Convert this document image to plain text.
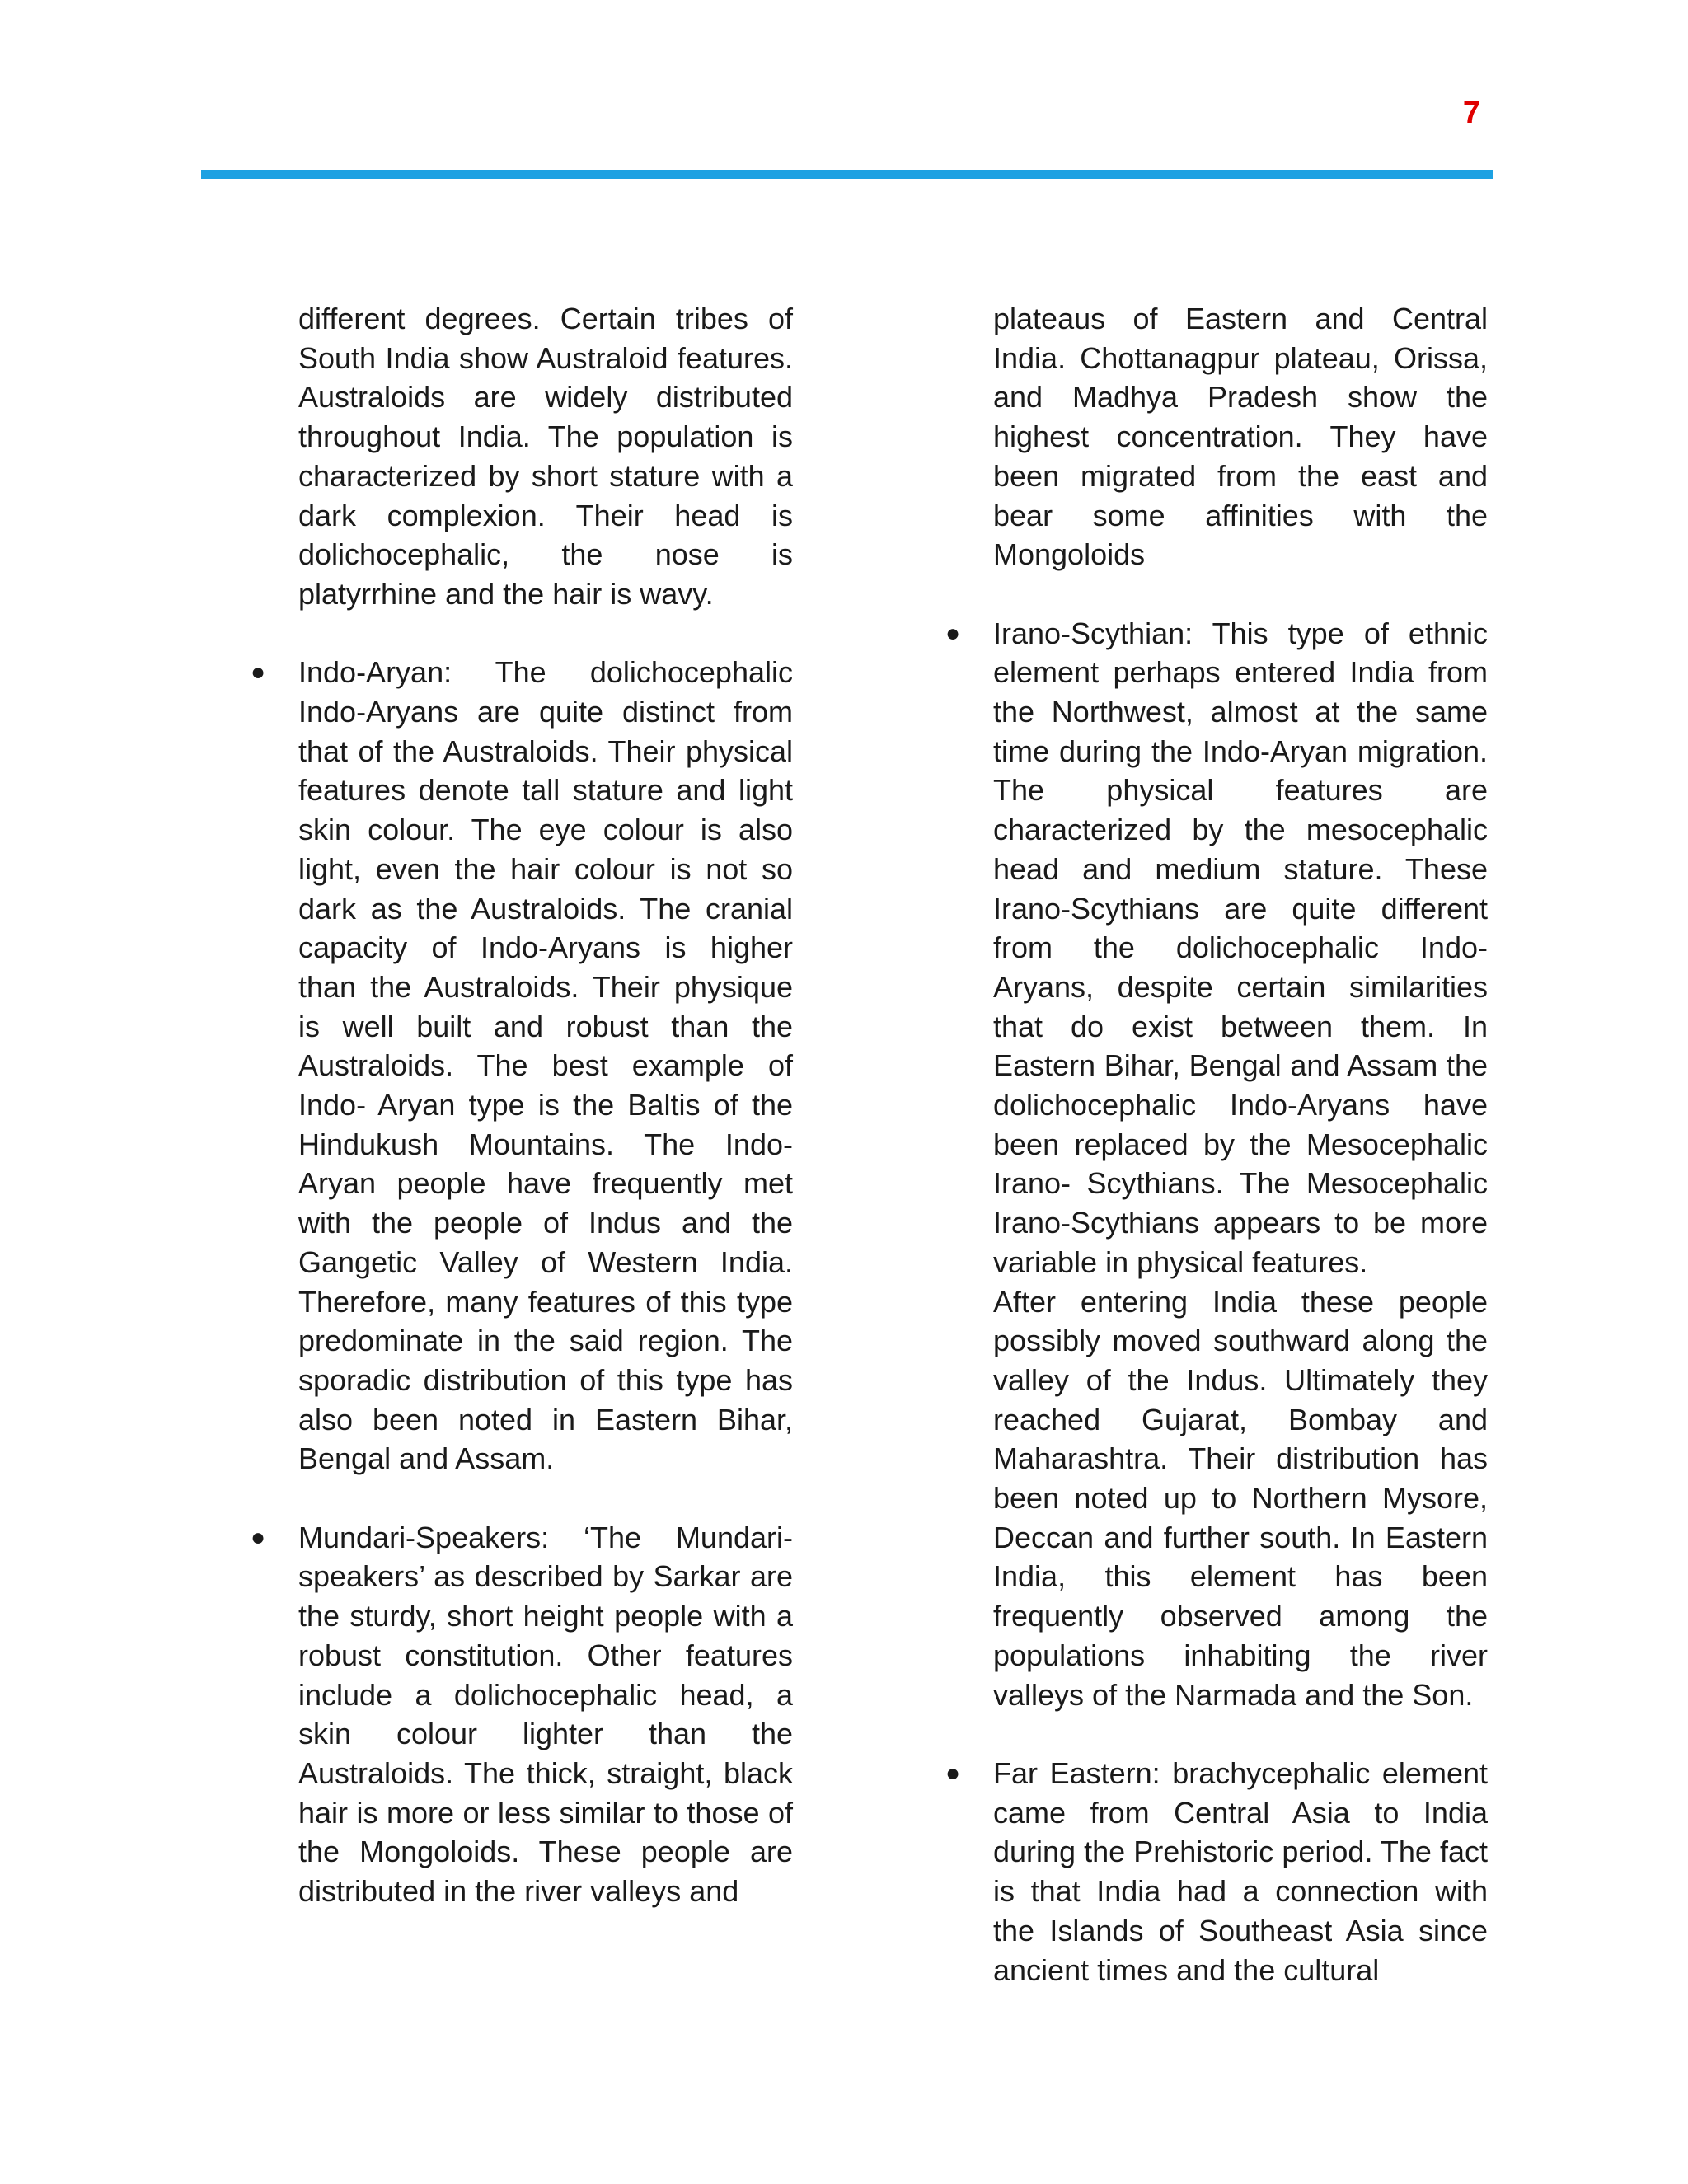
7

different degrees. Certain tribes of South India show Australoid features. Australoids are widely distributed throughout India. The population is characterized by short stature with a dark complexion. Their head is dolichocephalic, the nose is platyrrhine and the hair is wavy.

● Indo-Aryan: The dolichocephalic Indo-Aryans are quite distinct from that of the Australoids. Their physical features denote tall stature and light skin colour. The eye colour is also light, even the hair colour is not so dark as the Australoids. The cranial capacity of Indo-Aryans is higher than the Australoids. Their physique is well built and robust than the Australoids. The best example of Indo- Aryan type is the Baltis of the Hindukush Mountains. The Indo-Aryan people have frequently met with the people of Indus and the Gangetic Valley of Western India. Therefore, many features of this type predominate in the said region. The sporadic distribution of this type has also been noted in Eastern Bihar, Bengal and Assam.
● Mundari-Speakers: ‘The Mundari-speakers’ as described by Sarkar are the sturdy, short height people with a robust constitution. Other features include a dolichocephalic head, a skin colour lighter than the Australoids. The thick, straight, black hair is more or less similar to those of the Mongoloids. These people are distributed in the river valleys and

plateaus of Eastern and Central India. Chottanagpur plateau, Orissa, and Madhya Pradesh show the highest concentration. They have been migrated from the east and bear some affinities with the Mongoloids

● Irano-Scythian: This type of ethnic element perhaps entered India from the Northwest, almost at the same time during the Indo-Aryan migration. The physical features are characterized by the mesocephalic head and medium stature. These Irano-Scythians are quite different from the dolichocephalic Indo-Aryans, despite certain similarities that do exist between them. In Eastern Bihar, Bengal and Assam the dolichocephalic Indo-Aryans have been replaced by the Mesocephalic Irano- Scythians. The Mesocephalic Irano-Scythians appears to be more variable in physical features.

After entering India these people possibly moved southward along the valley of the Indus. Ultimately they reached Gujarat, Bombay and Maharashtra. Their distribution has been noted up to Northern Mysore, Deccan and further south. In Eastern India, this element has been frequently observed among the populations inhabiting the river valleys of the Narmada and the Son.

● Far Eastern: brachycephalic element came from Central Asia to India during the Prehistoric period. The fact is that India had a connection with the Islands of Southeast Asia since ancient times and the cultural
